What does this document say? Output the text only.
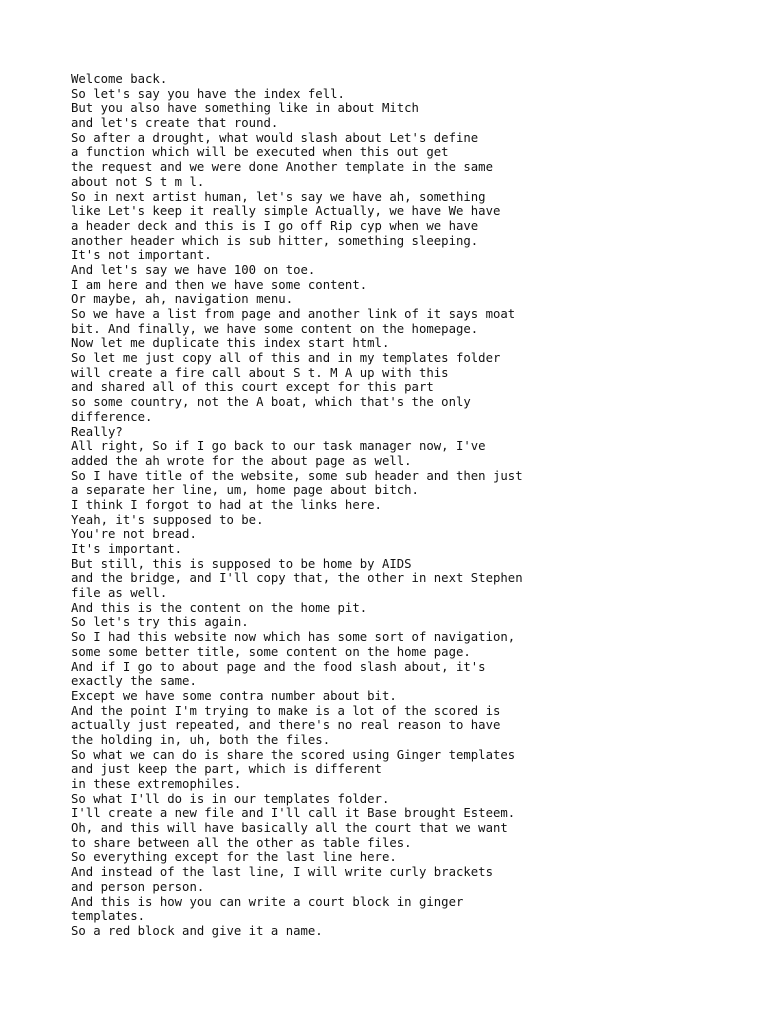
Welcome back.
So let's say you have the index fell.
But you also have something like in about Mitch
and let's create that round.
So after a drought, what would slash about Let's define
a function which will be executed when this out get
the request and we were done Another template in the same
about not S t m l.
So in next artist human, let's say we have ah, something
like Let's keep it really simple Actually, we have We have
a header deck and this is I go off Rip cyp when we have
another header which is sub hitter, something sleeping.
It's not important.
And let's say we have 100 on toe.
I am here and then we have some content.
Or maybe, ah, navigation menu.
So we have a list from page and another link of it says moat
bit. And finally, we have some content on the homepage.
Now let me duplicate this index start html.
So let me just copy all of this and in my templates folder
will create a fire call about S t. M A up with this
and shared all of this court except for this part
so some country, not the A boat, which that's the only
difference.
Really?
All right, So if I go back to our task manager now, I've
added the ah wrote for the about page as well.
So I have title of the website, some sub header and then just
a separate her line, um, home page about bitch.
I think I forgot to had at the links here.
Yeah, it's supposed to be.
You're not bread.
It's important.
But still, this is supposed to be home by AIDS
and the bridge, and I'll copy that, the other in next Stephen
file as well.
And this is the content on the home pit.
So let's try this again.
So I had this website now which has some sort of navigation,
some some better title, some content on the home page.
And if I go to about page and the food slash about, it's
exactly the same.
Except we have some contra number about bit.
And the point I'm trying to make is a lot of the scored is
actually just repeated, and there's no real reason to have
the holding in, uh, both the files.
So what we can do is share the scored using Ginger templates
and just keep the part, which is different
in these extremophiles.
So what I'll do is in our templates folder.
I'll create a new file and I'll call it Base brought Esteem.
Oh, and this will have basically all the court that we want
to share between all the other as table files.
So everything except for the last line here.
And instead of the last line, I will write curly brackets
and person person.
And this is how you can write a court block in ginger
templates.
So a red block and give it a name.
